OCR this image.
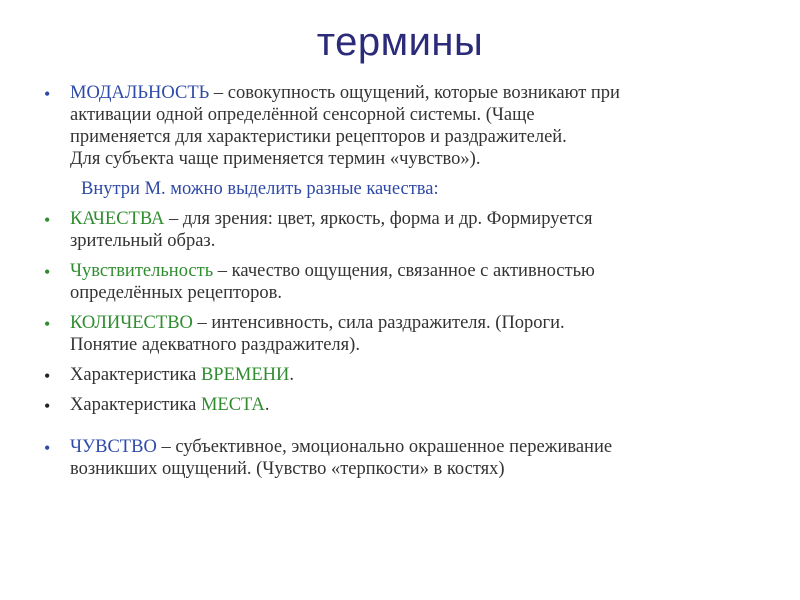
термины
• МОДАЛЬНОСТЬ – совокупность ощущений, которые возникают при
активации одной определённой сенсорной системы. (Чаще
применяется для характеристики рецепторов и раздражителей.
Для субъекта чаще применяется термин «чувство»).
Внутри М. можно выделить разные качества:
• КАЧЕСТВА – для зрения: цвет, яркость, форма и др. Формируется
зрительный образ.
• Чувствительность – качество ощущения, связанное с активностью
определённых рецепторов.
• КОЛИЧЕСТВО – интенсивность, сила раздражителя. (Пороги.
Понятие адекватного раздражителя).
• Характеристика ВРЕМЕНИ.
• Характеристика МЕСТА.
• ЧУВСТВО – субъективное, эмоционально окрашенное переживание
возникших ощущений. (Чувство «терпкости» в костях)
